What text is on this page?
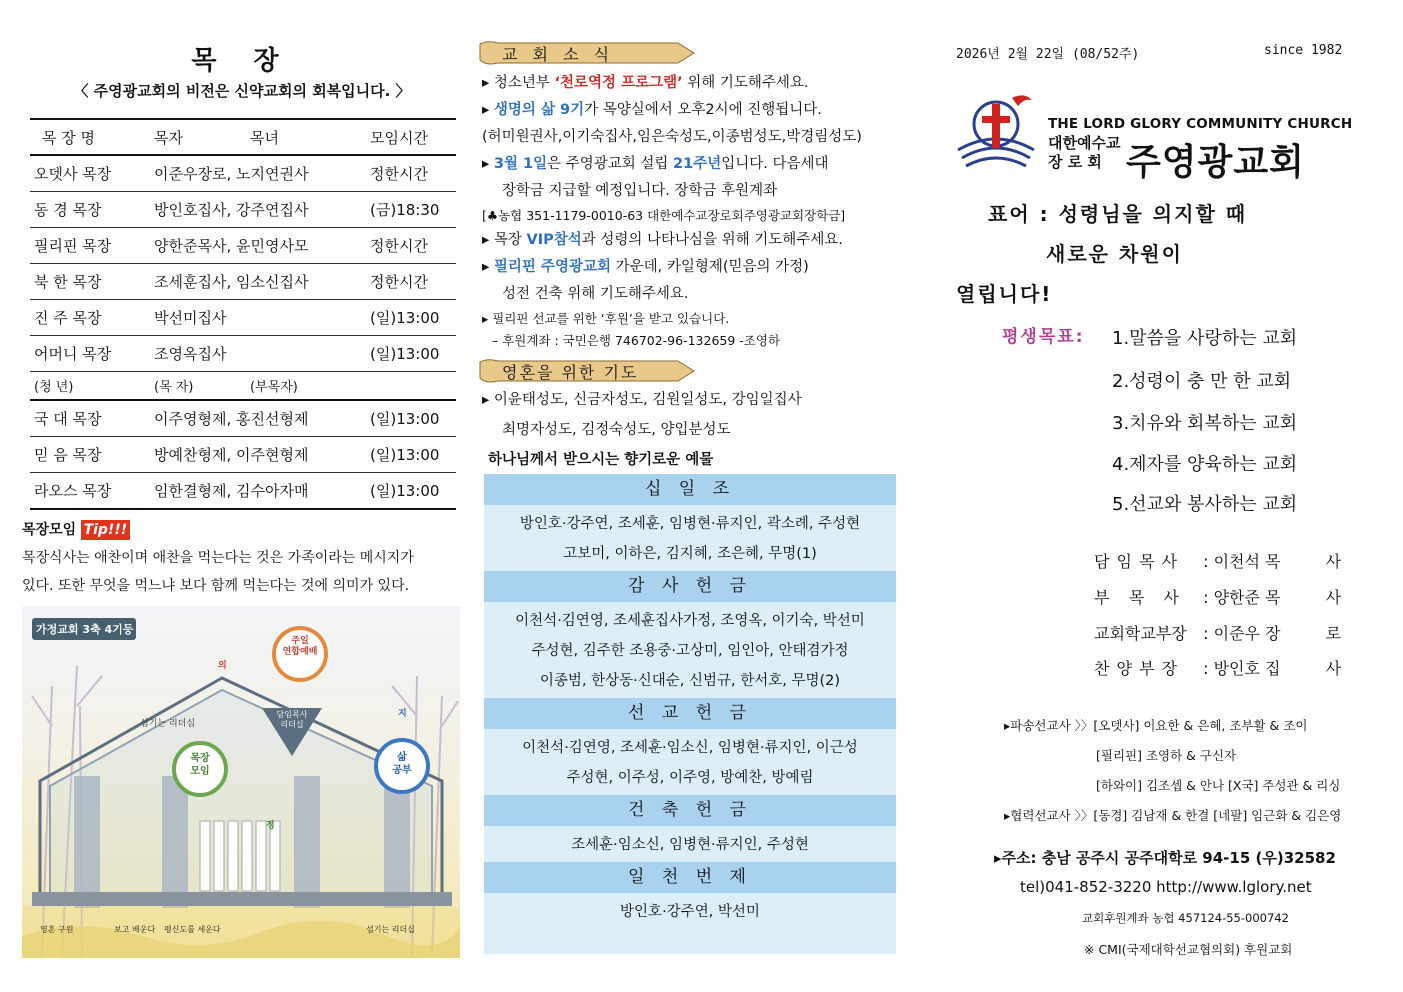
목 장
〈 주영광교회의 비전은 신약교회의 회복입니다. 〉
목 장 명	목자	목녀	모임시간
오뎃사 목장	이준우장로, 노지연권사		정한시간
동 경 목장	방인호집사, 강주연집사		(금)18:30
필리핀 목장	양한준목사, 윤민영사모		정한시간
북 한 목장	조세훈집사, 임소신집사		정한시간
진 주 목장	박선미집사		(일)13:00
어머니 목장	조영옥집사		(일)13:00
(청 년)	(목 자)	(부목자)	
국 대 목장	이주영형제, 홍진선형제		(일)13:00
믿 음 목장	방예찬형제, 이주현형제		(일)13:00
라오스 목장	임한결형제, 김수아자매		(일)13:00
목장모임 Tip!!!
목장식사는 애찬이며 애찬을 먹는다는 것은 가족이라는 메시지가
있다. 또한 무엇을 먹느냐 보다 함께 먹는다는 것에 의미가 있다.
가정교회 3축 4기둥
주일
연합예배
목장
모임
삶
공부
담임목사
리더십
의
정
지
섬기는 리더십
영혼 구원	보고 배운다 평신도를 세운다	섬기는 리더십
교 회 소 식

▸ 청소년부 ‘천로역정 프로그램’ 위해 기도해주세요.

▸ 생명의 삶 9기가 목양실에서 오후2시에 진행됩니다.

(허미원권사,이기숙집사,임은숙성도,이종범성도,박경림성도)

▸ 3월 1일은 주영광교회 설립 21주년입니다. 다음세대

장학금 지급할 예정입니다. 장학금 후원계좌

[♣농협 351-1179-0010-63 대한예수교장로회주영광교회장학금]

▸ 목장 VIP참석과 성령의 나타나심을 위해 기도해주세요.

▸ 필리핀 주영광교회 가운데, 카일형제(믿음의 가정)

성전 건축 위해 기도해주세요.

▸ 필리핀 선교를 위한 ‘후원’을 받고 있습니다.

– 후원계좌 : 국민은행 746702-96-132659 -조영하

영혼을 위한 기도

▸ 이윤태성도, 신금자성도, 김원일성도, 강임일집사

최명자성도, 김정숙성도, 양입분성도

하나님께서 받으시는 향기로운 예물

십 일 조
방인호·강주연, 조세훈, 임병현·류지인, 곽소례, 주성현
고보미, 이하은, 김지혜, 조은혜, 무명(1)
감 사 헌 금
이천석·김연영, 조세훈집사가정, 조영옥, 이기숙, 박선미
주성현, 김주한 조용중·고상미, 임인아, 안태겸가정
이종범, 한상동·신대순, 신범규, 한서호, 무명(2)
선 교 헌 금
이천석·김연영, 조세훈·임소신, 임병현·류지인, 이근성
주성현, 이주성, 이주영, 방예찬, 방예림
건 축 헌 금
조세훈·임소신, 임병현·류지인, 주성현
일 천 번 제
방인호·강주연, 박선미
2026년 2월 22일 (08/52주)	since 1982
THE LORD GLORY COMMUNITY CHURCH
대한예수교
장 로 회 주영광교회
표어 : 성령님을 의지할 때
새로운 차원이
열립니다!
평생목표: 1.말씀을 사랑하는 교회
2.성령이 충 만 한 교회
3.치유와 회복하는 교회
4.제자를 양육하는 교회
5.선교와 봉사하는 교회
담 임 목 사 : 이천석 목	사
부   목   사 : 양한준 목	사
교회학교부장 : 이준우 장	로
찬 양 부 장 : 방인호 집	사
▸파송선교사 〉〉[오뎃사] 이요한 & 은혜, 조부활 & 조이
[필리핀] 조영하 & 구신자
[하와이] 김조셉 & 안나 [X국] 주성관 & 리싱
▸협력선교사 〉〉[동경] 김남재 & 한결 [네팔] 임근화 & 김은영
▸주소: 충남 공주시 공주대학로 94-15 (우)32582
tel)041-852-3220 http://www.lglory.net
교회후원계좌 농협 457124-55-000742
※ CMI(국제대학선교협의회) 후원교회
